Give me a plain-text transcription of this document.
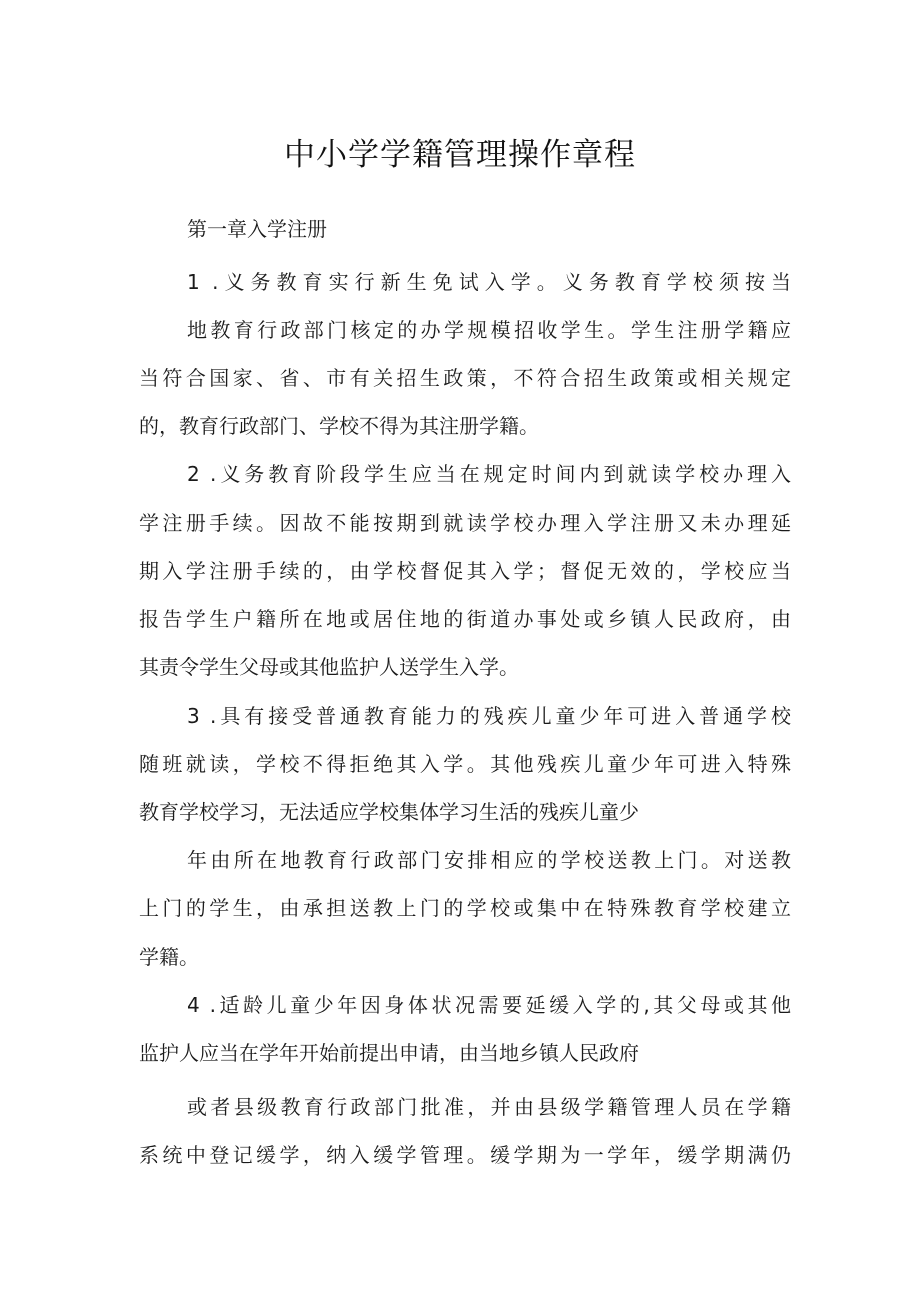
中小学学籍管理操作章程
第一章入学注册
1 .义务教育实行新生免试入学。义务教育学校须按当
地教育行政部门核定的办学规模招收学生。学生注册学籍应
当符合国家、省、市有关招生政策，不符合招生政策或相关规定
的，教育行政部门、学校不得为其注册学籍。
2 .义务教育阶段学生应当在规定时间内到就读学校办理入
学注册手续。因故不能按期到就读学校办理入学注册又未办理延
期入学注册手续的，由学校督促其入学；督促无效的，学校应当
报告学生户籍所在地或居住地的街道办事处或乡镇人民政府，由
其责令学生父母或其他监护人送学生入学。
3 .具有接受普通教育能力的残疾儿童少年可进入普通学校
随班就读，学校不得拒绝其入学。其他残疾儿童少年可进入特殊
教育学校学习，无法适应学校集体学习生活的残疾儿童少
年由所在地教育行政部门安排相应的学校送教上门。对送教
上门的学生，由承担送教上门的学校或集中在特殊教育学校建立
学籍。
4 .适龄儿童少年因身体状况需要延缓入学的,其父母或其他
监护人应当在学年开始前提出申请，由当地乡镇人民政府
或者县级教育行政部门批准，并由县级学籍管理人员在学籍
系统中登记缓学，纳入缓学管理。缓学期为一学年，缓学期满仍
